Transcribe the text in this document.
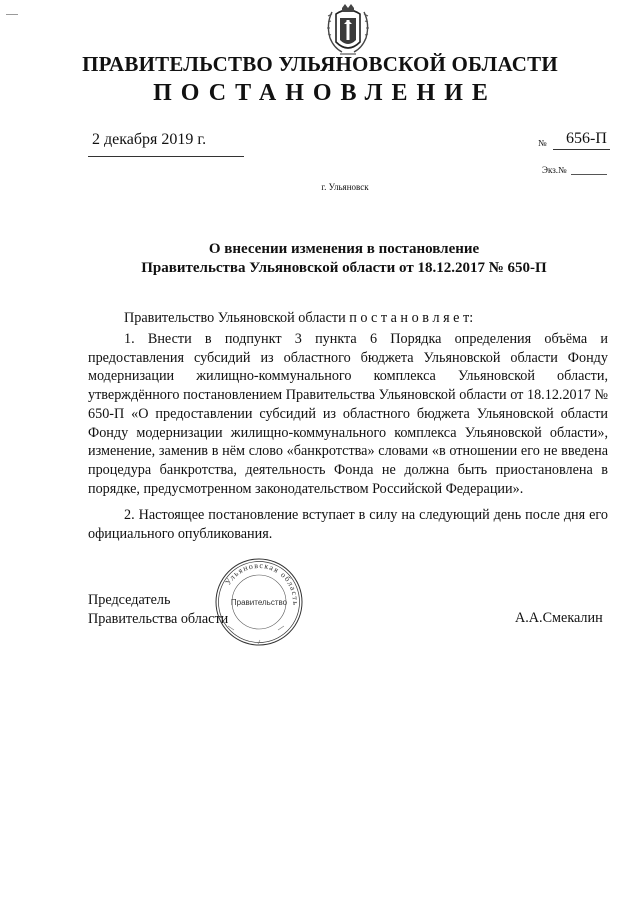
ПРАВИТЕЛЬСТВО УЛЬЯНОВСКОЙ ОБЛАСТИ
ПОСТАНОВЛЕНИЕ
2 декабря 2019 г.	№ 656-П
Экз.№
г. Ульяновск
О внесении изменения в постановление
Правительства Ульяновской области от 18.12.2017 № 650-П
Правительство Ульяновской области п о с т а н о в л я е т:
1. Внести в подпункт 3 пункта 6 Порядка определения объёма и предоставления субсидий из областного бюджета Ульяновской области Фонду модернизации жилищно-коммунального комплекса Ульяновской области, утверждённого постановлением Правительства Ульяновской области от 18.12.2017 № 650-П «О предоставлении субсидий из областного бюджета Ульяновской области Фонду модернизации жилищно-коммунального комплекса Ульяновской области», изменение, заменив в нём слово «банкротства» словами «в отношении его не введена процедура банкротства, деятельность Фонда не должна быть приостановлена в порядке, предусмотренном законодательством Российской Федерации».
2. Настоящее постановление вступает в силу на следующий день после дня его официального опубликования.
Председатель
Правительства области
Ульяновская область
Правительство
А.А.Смекалин
